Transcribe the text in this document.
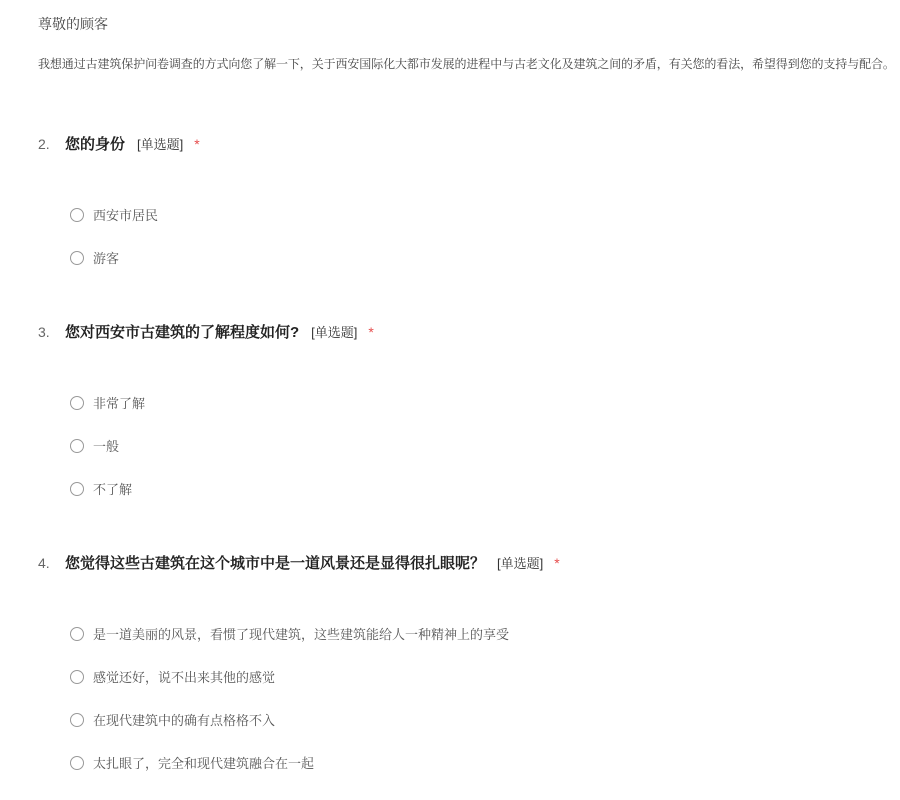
尊敬的顾客
我想通过古建筑保护问卷调查的方式向您了解一下，关于西安国际化大都市发展的进程中与古老文化及建筑之间的矛盾，有关您的看法，希望得到您的支持与配合。
2.	您的身份 [单选题] *
西安市居民
游客
3.	您对西安市古建筑的了解程度如何? [单选题] *
非常了解
一般
不了解
4.	您觉得这些古建筑在这个城市中是一道风景还是显得很扎眼呢？ [单选题] *
是一道美丽的风景，看惯了现代建筑，这些建筑能给人一种精神上的享受
感觉还好，说不出来其他的感觉
在现代建筑中的确有点格格不入
太扎眼了，完全和现代建筑融合在一起
